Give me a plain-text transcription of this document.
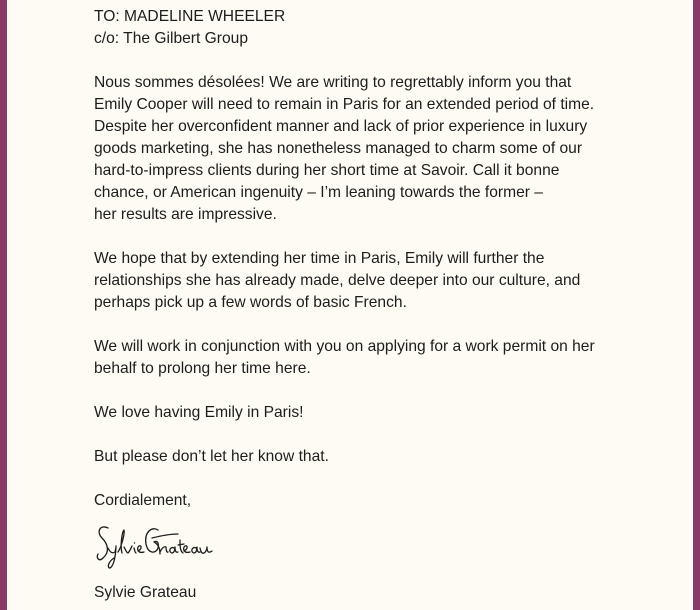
TO: MADELINE WHEELER
c/o: The Gilbert Group
Nous sommes désolées! We are writing to regrettably inform you that
Emily Cooper will need to remain in Paris for an extended period of time.
Despite her overconfident manner and lack of prior experience in luxury
goods marketing, she has nonetheless managed to charm some of our
hard-to-impress clients during her short time at Savoir. Call it bonne
chance, or American ingenuity – I’m leaning towards the former –
her results are impressive.
We hope that by extending her time in Paris, Emily will further the
relationships she has already made, delve deeper into our culture, and
perhaps pick up a few words of basic French.
We will work in conjunction with you on applying for a work permit on her
behalf to prolong her time here.
We love having Emily in Paris!
But please don’t let her know that.
Cordialement,
Sylvie Grateau
